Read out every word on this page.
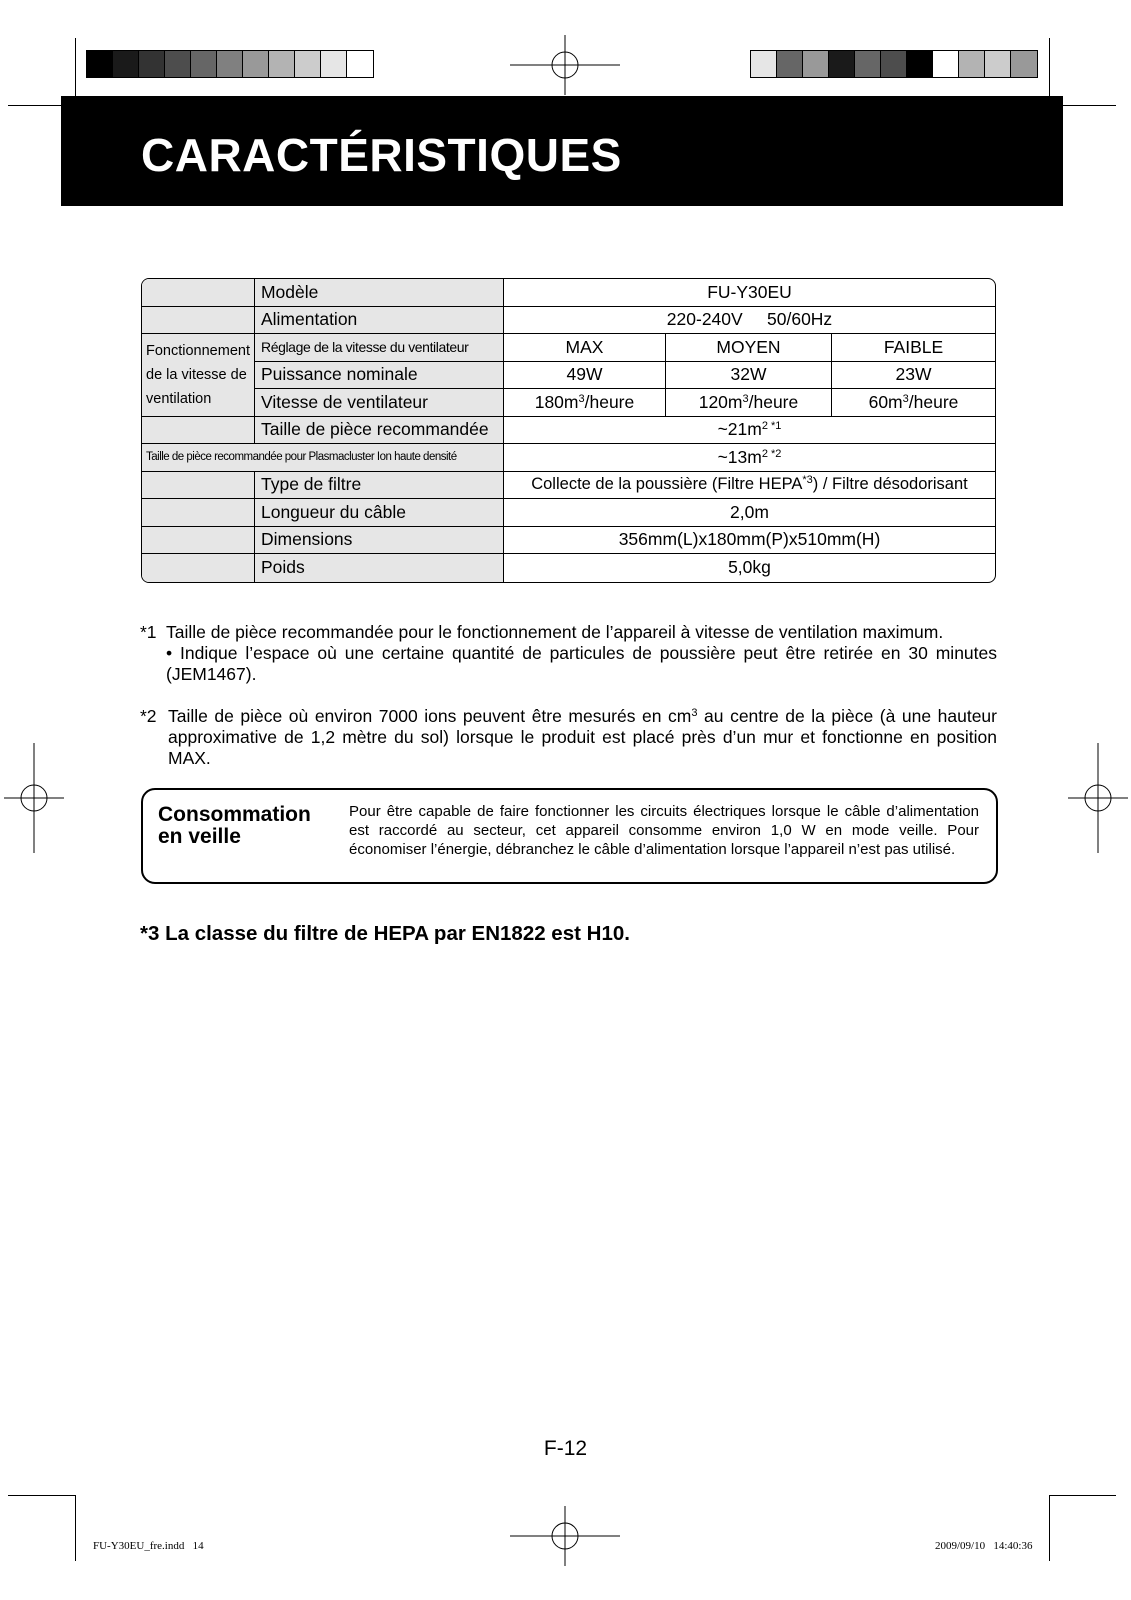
CARACTÉRISTIQUES
	Modèle	FU-Y30EU		
	Alimentation	220-240V     50/60Hz		
Fonctionnement de la vitesse de ventilation	Réglage de la vitesse du ventilateur	MAX	MOYEN	FAIBLE
	Puissance nominale	49W	32W	23W
	Vitesse de ventilateur	$180m^3$/heure	$120m^3$/heure	$60m^3$/heure
	Taille de pièce recommandée	$\sim 21m^{2 *1}$
Taille de pièce recommandée pour Plasmacluster Ion haute densité		$\sim 13m^{2 *2}$
	Type de filtre	Collecte de la poussière (Filtre HEPA$^{*3}$) / Filtre désodorisant		
	Longueur du câble	2,0m		
	Dimensions	356mm(L)x180mm(P)x510mm(H)		
	Poids	5,0kg		
*1 Taille de pièce recommandée pour le fonctionnement de l’appareil à vitesse de ventilation maximum.
• Indique l’espace où une certaine quantité de particules de poussière peut être retirée en 30 minutes (JEM1467).
*2 Taille de pièce où environ 7000 ions peuvent être mesurés en $cm^3$ au centre de la pièce (à une hauteur approximative de 1,2 mètre du sol) lorsque le produit est placé près d’un mur et fonctionne en position MAX.
Consommation en veille
Pour être capable de faire fonctionner les circuits électriques lorsque le câble d’alimentation est raccordé au secteur, cet appareil consomme environ 1,0 W en mode veille. Pour économiser l’énergie, débranchez le câble d’alimentation lorsque l’appareil n’est pas utilisé.
*3 La classe du filtre de HEPA par EN1822 est H10.
F-12
FU-Y30EU_fre.indd   14	2009/09/10   14:40:36
